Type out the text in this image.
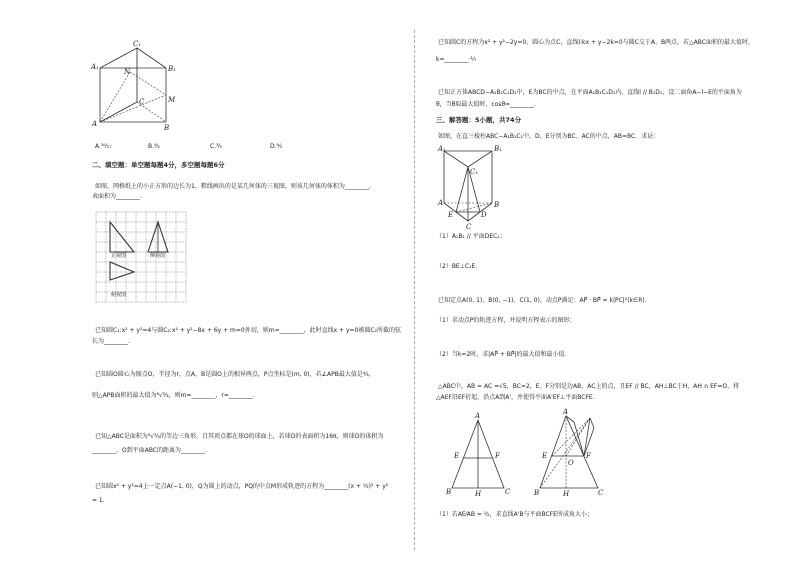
C₁
A₁	B₁
N
C	M
A	B
A.¹⁶⁄₁₇	B.⁴⁄₅	C.³⁄₅	D.⁶⁄₅
二、填空题：单空题每题4分，多空题每题6分
如图，网格纸上的小正方形的边长为1，粗线画出的是某几何体的三视图，则该几何体的体积为________，
表面积为________.
正视图	侧视图
俯视图
已知圆C₁:x² + y²=4与圆C₂:x² + y²−8x + 6y + m=0外切，则m=________，此时直线x + y=0被圆C₂所截的弦
长为________.
已知圆O圆心为原点O，半径为r，点A、B是圆O上的相异两点，P点坐标是(m, 0)，若∠APB最大值是⁴⁄₃，
则△APB面积的最大值为⁸√³⁄₃，则m=________，r=________.
已知△ABC是面积为⁹√³⁄₄的等边三角形，且其顶点都在球O的球面上，若球O的表面积为16π，则球O的体积为
________，O到平面ABC的距离为________.
已知圆x² + y²=4上一定点A(−1, 0)，Q为圆上的动点，PQ的中点M形成轨迹的方程为________(x + ½)² + y²
= 1．
已知圆C的方程为x² + y²−2y=0，圆心为点C，直线l:kx + y−2k=0与圆C交于A、B两点，若△ABC面积的最大值时，
k=________·¹⁄₇
已知正方体ABCD−A₁B₁C₁D₁中，E为BC的中点，在平面A₁B₁C₁D₁内，直线l // B₁D₁，设二面角A−l−E的平面角为
θ，当θ取最大值时，cosθ=________.
三、解答题：5小题，共74分
如图，在直三棱柱ABC−A₁B₁C₁中，D、E分别为BC、AC的中点，AB=BC．求证：
A₁	B₁
C₁
A	B
E	D
C
（1）A₁B₁ // 平面DEC₁；
（2）BE⊥C₁E．
已知定点A(0, 1)、B(0, −1)、C(1, 0)，动点P满足：AP⃗ · BP⃗ = k|PC|²(k∈R)．
（1）求动点P的轨迹方程，并说明方程表示的图形；
（2）当k=2时，求|AP⃗ + BP⃗|的最大值和最小值．
△ABC中，AB = AC =√5，BC=2，E、F分别是边AB，AC上的点，且EF // BC，AH⊥BC于H，AH ∩ EF=O，将
△AEF沿EF折起，沿点A到A'，并使得平面A'EF⊥平面BCFE．
A
E	F
B	H	C
A
E	F
O
B	H	C
（1）若AE⁄AB = ¹⁄₂，求直线A'B与平面BCFE所成角大小；
